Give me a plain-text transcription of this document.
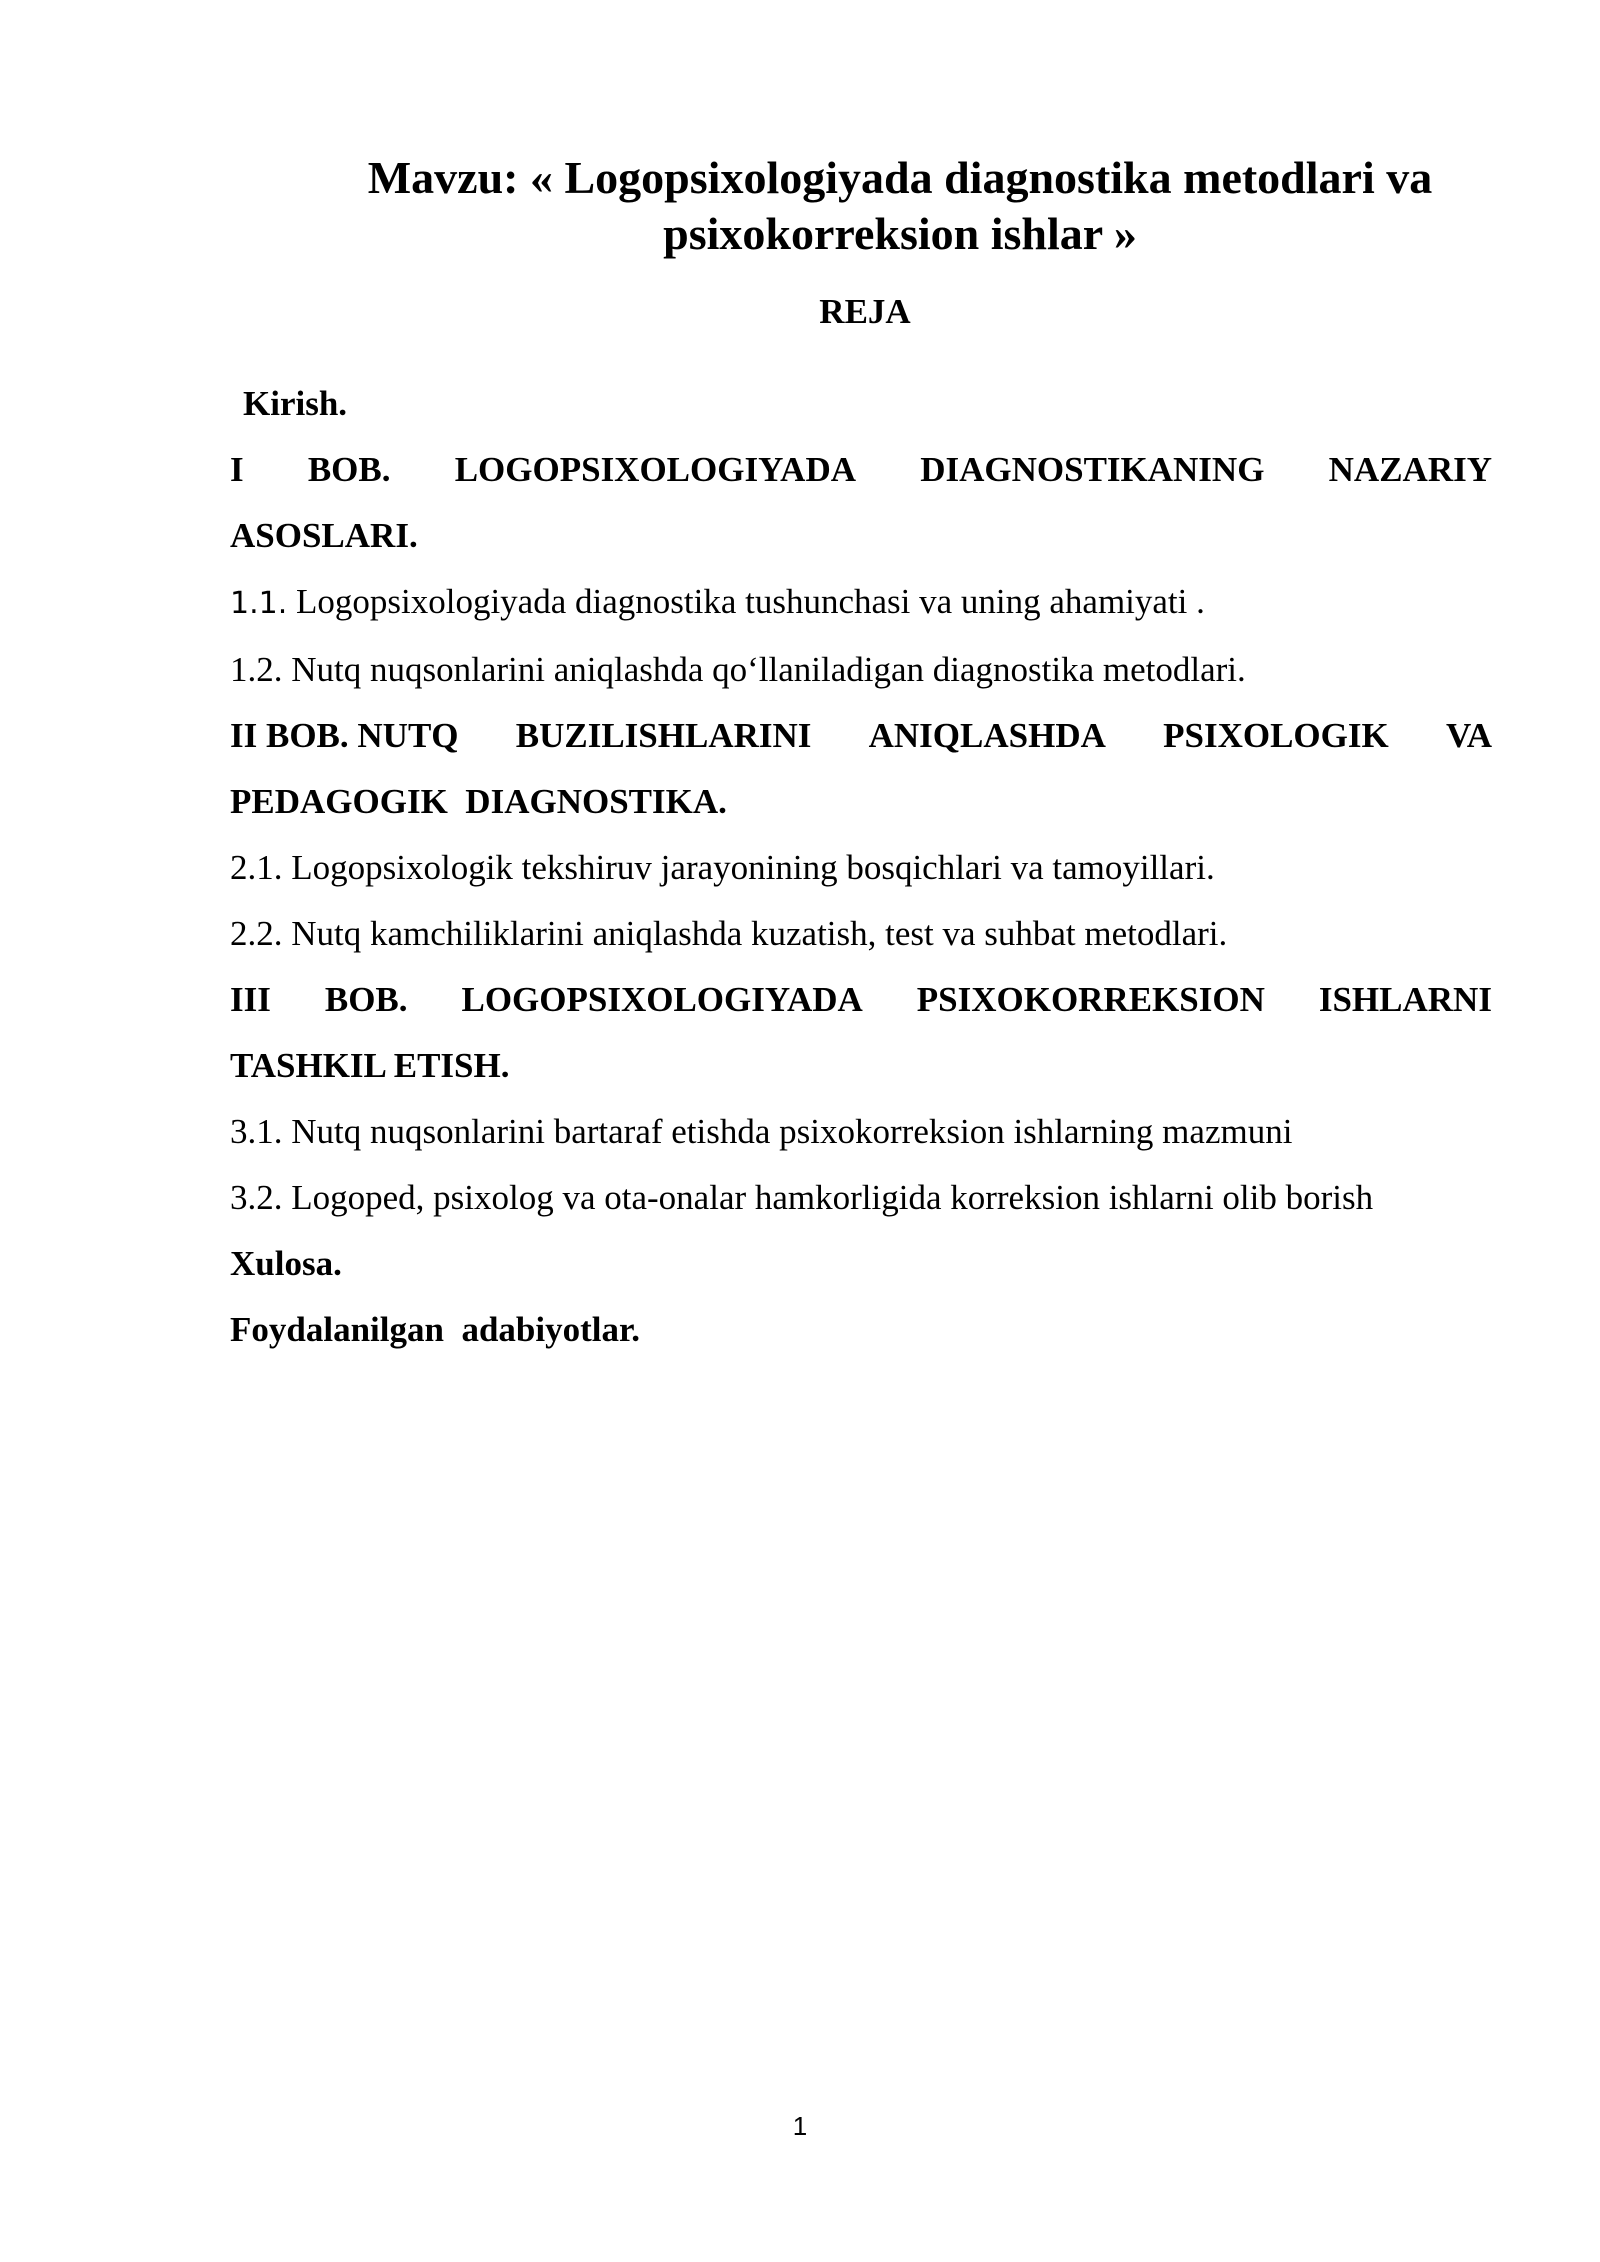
Mavzu: « Logopsixologiyada diagnostika metodlari va
psixokorreksion ishlar »
REJA
Kirish.
I BOB. LOGOPSIXOLOGIYADA DIAGNOSTIKANING NAZARIY
ASOSLARI.
1.1. Logopsixologiyada diagnostika tushunchasi va uning ahamiyati .
1.2. Nutq nuqsonlarini aniqlashda qo‘llaniladigan diagnostika metodlari.
II BOB. NUTQ BUZILISHLARINI ANIQLASHDA PSIXOLOGIK VA
PEDAGOGIK  DIAGNOSTIKA.
2.1. Logopsixologik tekshiruv jarayonining bosqichlari va tamoyillari.
2.2. Nutq kamchiliklarini aniqlashda kuzatish, test va suhbat metodlari.
III BOB. LOGOPSIXOLOGIYADA PSIXOKORREKSION ISHLARNI
TASHKIL ETISH.
3.1. Nutq nuqsonlarini bartaraf etishda psixokorreksion ishlarning mazmuni
3.2. Logoped, psixolog va ota-onalar hamkorligida korreksion ishlarni olib borish
Xulosa.
Foydalanilgan  adabiyotlar.
1
